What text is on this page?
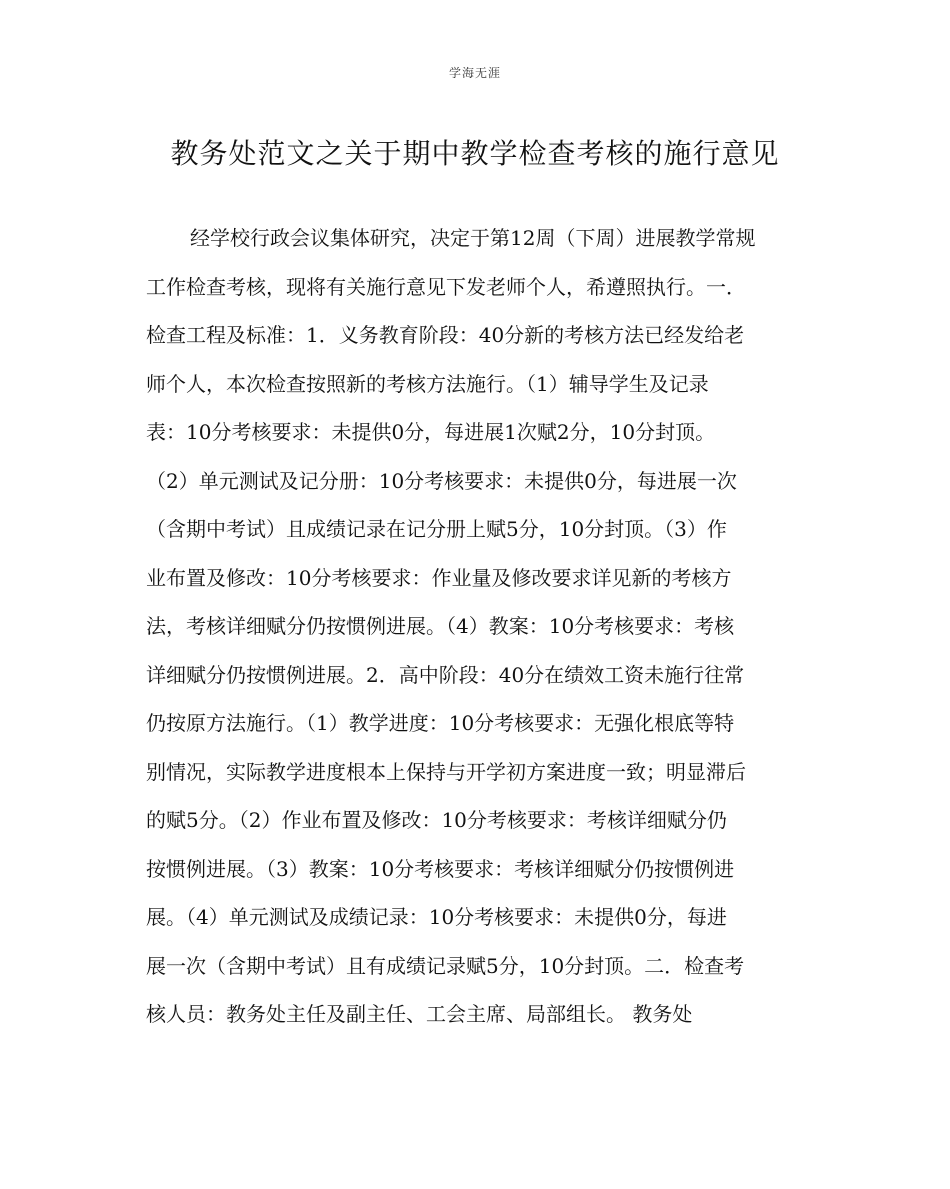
学海无涯
教务处范文之关于期中教学检查考核的施行意见
经学校行政会议集体研究，决定于第12周（下周）进展教学常规
工作检查考核，现将有关施行意见下发老师个人，希遵照执行。一．
检查工程及标准：1．义务教育阶段：40分新的考核方法已经发给老
师个人，本次检查按照新的考核方法施行。（1）辅导学生及记录
表：10分考核要求：未提供0分，每进展1次赋2分，10分封顶。
（2）单元测试及记分册：10分考核要求：未提供0分，每进展一次
（含期中考试）且成绩记录在记分册上赋5分，10分封顶。（3）作
业布置及修改：10分考核要求：作业量及修改要求详见新的考核方
法，考核详细赋分仍按惯例进展。（4）教案：10分考核要求：考核
详细赋分仍按惯例进展。2．高中阶段：40分在绩效工资未施行往常
仍按原方法施行。（1）教学进度：10分考核要求：无强化根底等特
别情况，实际教学进度根本上保持与开学初方案进度一致；明显滞后
的赋5分。（2）作业布置及修改：10分考核要求：考核详细赋分仍
按惯例进展。（3）教案：10分考核要求：考核详细赋分仍按惯例进
展。（4）单元测试及成绩记录：10分考核要求：未提供0分，每进
展一次（含期中考试）且有成绩记录赋5分，10分封顶。二．检查考
核人员：教务处主任及副主任、工会主席、局部组长。 教务处
